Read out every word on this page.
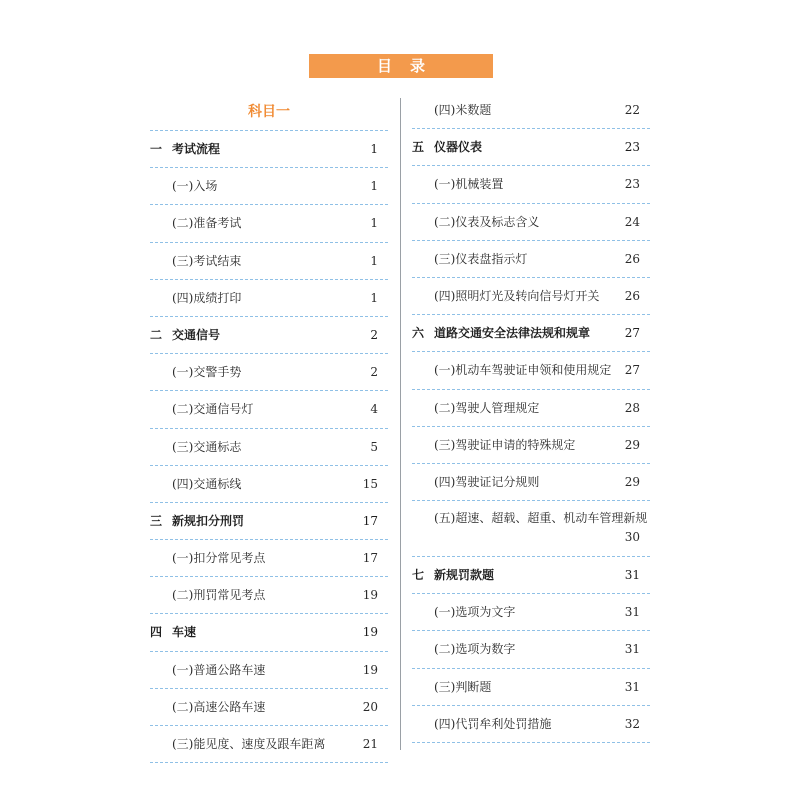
目录
科目一
一 考试流程	1
(一)入场	1
(二)准备考试	1
(三)考试结束	1
(四)成绩打印	1
二 交通信号	2
(一)交警手势	2
(二)交通信号灯	4
(三)交通标志	5
(四)交通标线	15
三 新规扣分刑罚	17
(一)扣分常见考点	17
(二)刑罚常见考点	19
四 车速	19
(一)普通公路车速	19
(二)高速公路车速	20
(三)能见度、速度及跟车距离	21
(四)米数题	22
五 仪器仪表	23
(一)机械装置	23
(二)仪表及标志含义	24
(三)仪表盘指示灯	26
(四)照明灯光及转向信号灯开关 26
六 道路交通安全法律法规和规章	27
(一)机动车驾驶证申领和使用规定 27
(二)驾驶人管理规定	28
(三)驾驶证申请的特殊规定	29
(四)驾驶证记分规则	29
(五)超速、超载、超重、机动车管理新规
30
七 新规罚款题	31
(一)选项为文字	31
(二)选项为数字	31
(三)判断题	31
(四)代罚牟利处罚措施	32
